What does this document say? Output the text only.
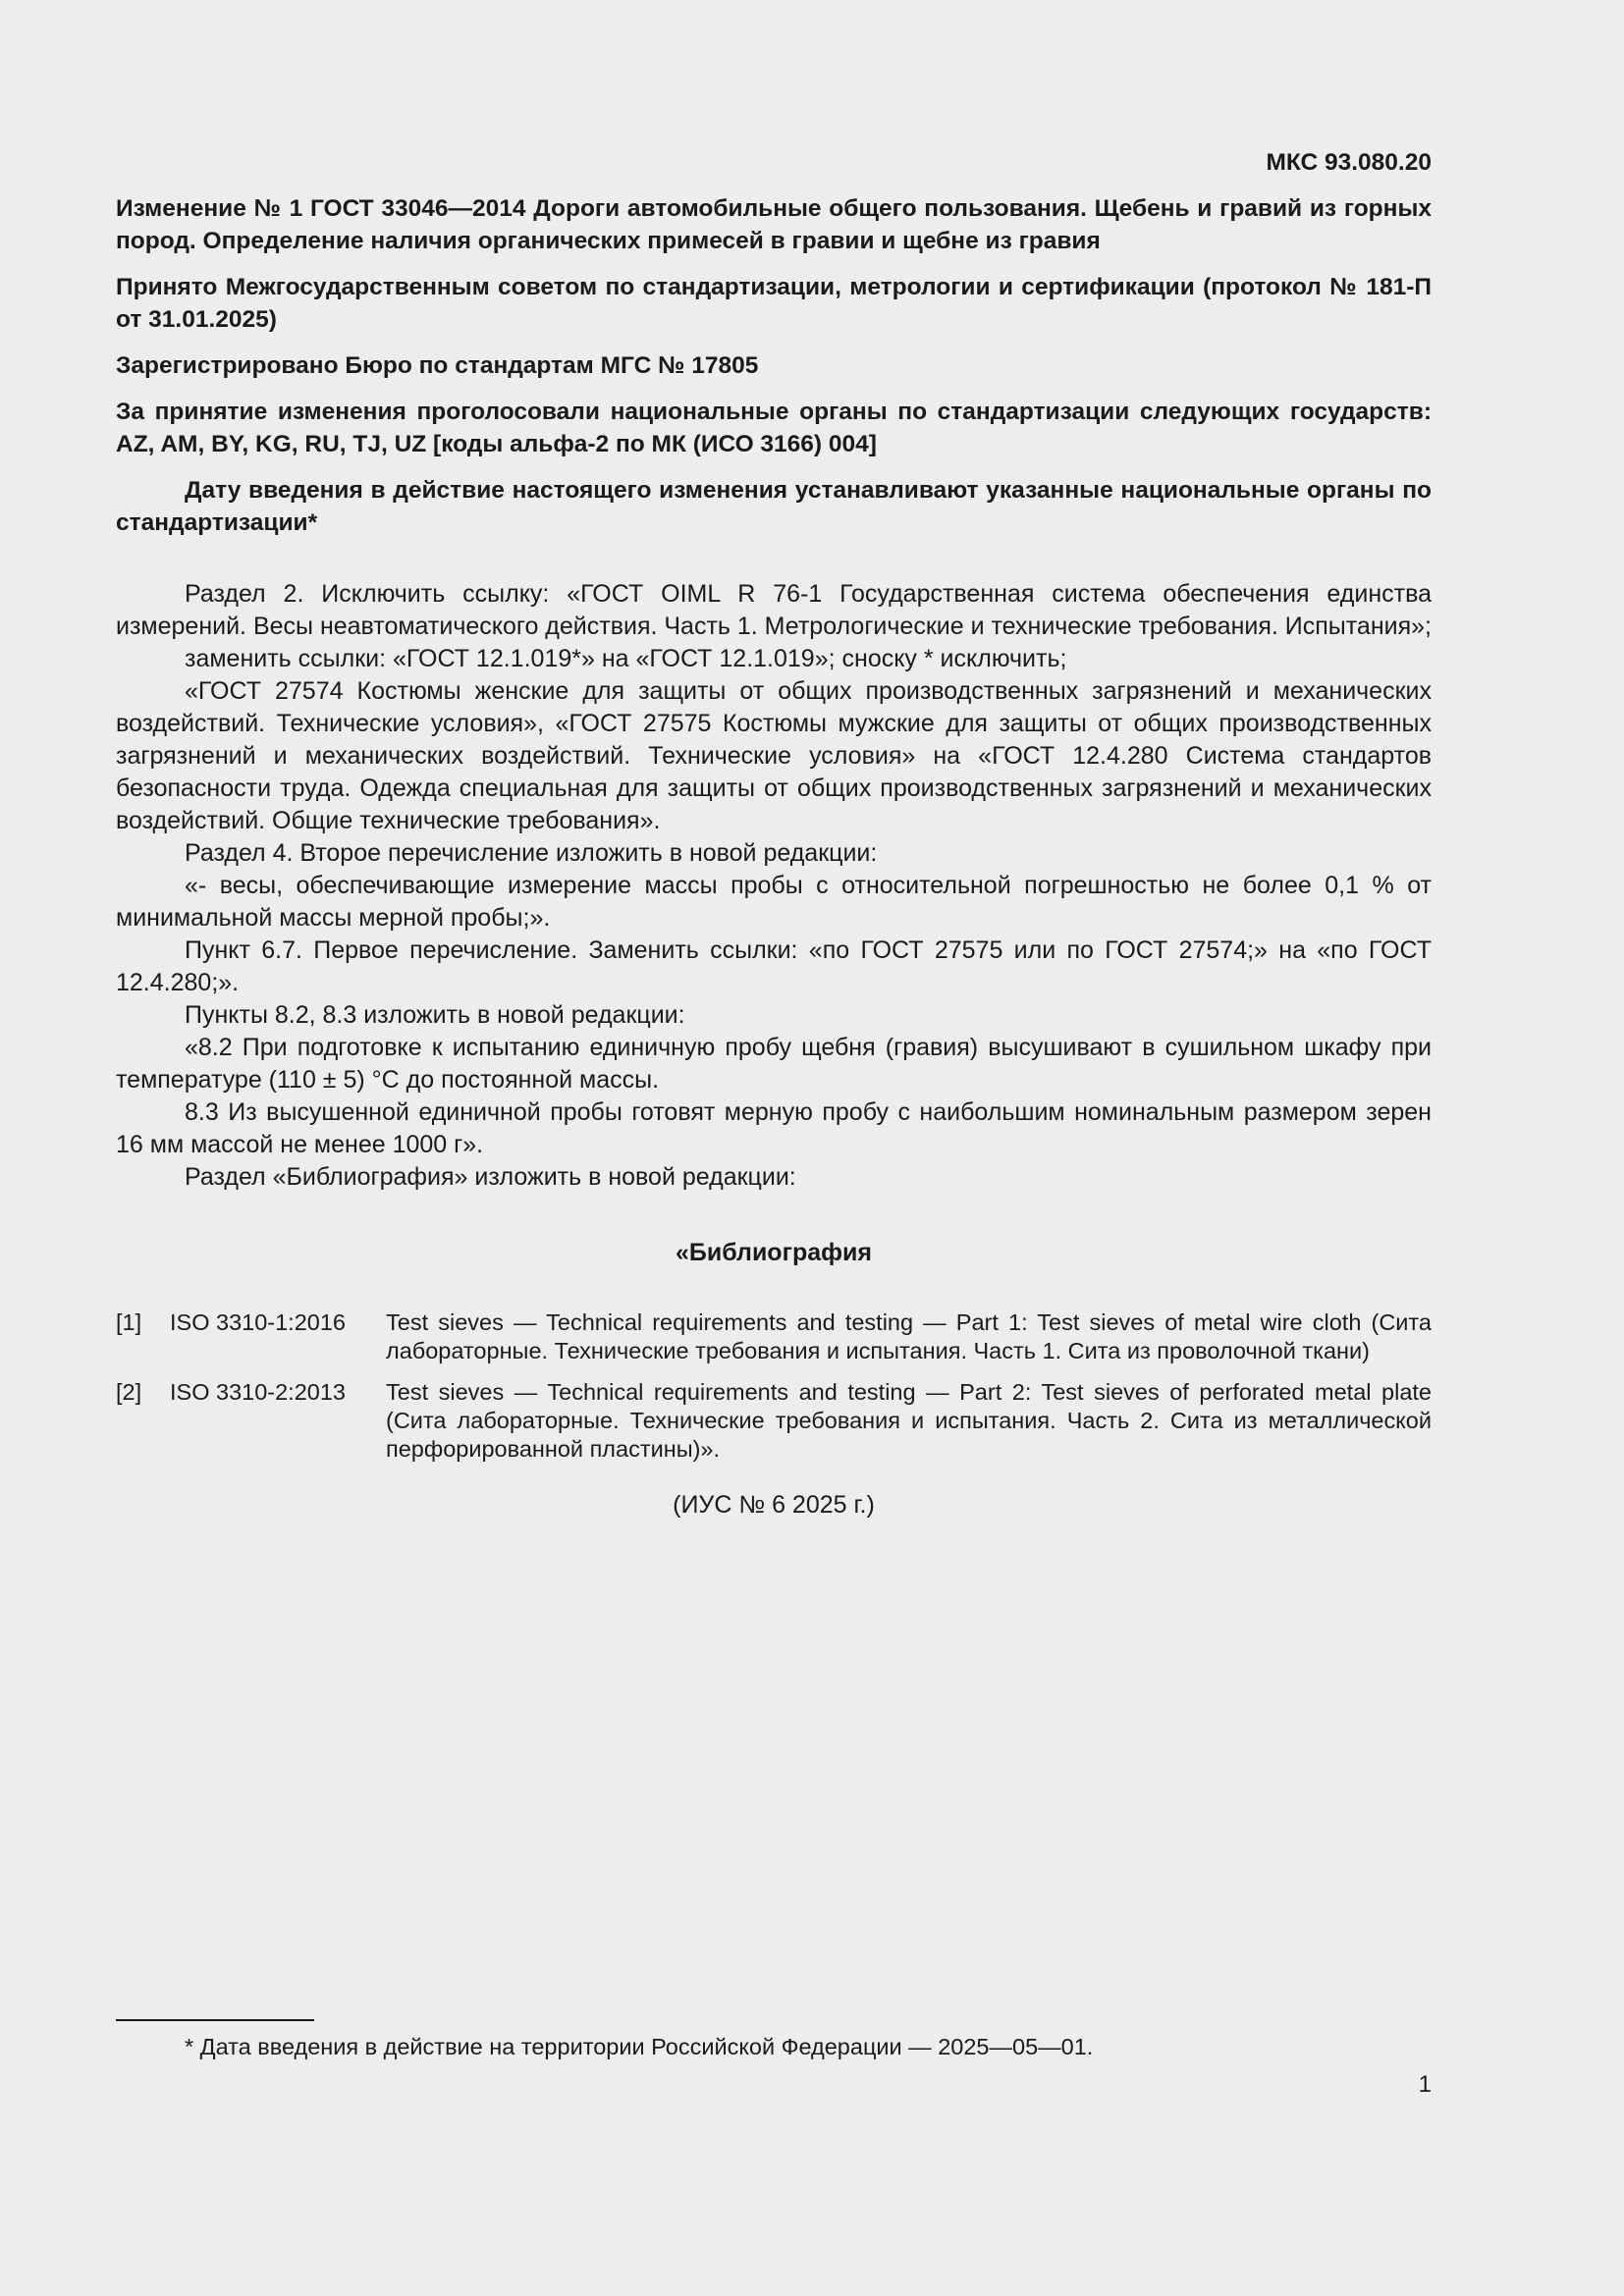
МКС 93.080.20

Изменение № 1 ГОСТ 33046—2014 Дороги автомобильные общего пользования. Щебень и гравий из горных пород. Определение наличия органических примесей в гравии и щебне из гравия

Принято Межгосударственным советом по стандартизации, метрологии и сертификации (протокол № 181-П от 31.01.2025)

Зарегистрировано Бюро по стандартам МГС № 17805

За принятие изменения проголосовали национальные органы по стандартизации следующих государств: AZ, AM, BY, KG, RU, TJ, UZ [коды альфа-2 по МК (ИСО 3166) 004]

Дату введения в действие настоящего изменения устанавливают указанные национальные органы по стандартизации*

Раздел 2. Исключить ссылку: «ГОСТ OIML R 76-1 Государственная система обеспечения единства измерений. Весы неавтоматического действия. Часть 1. Метрологические и технические требования. Испытания»;

заменить ссылки: «ГОСТ 12.1.019*» на «ГОСТ 12.1.019»; сноску * исключить;

«ГОСТ 27574 Костюмы женские для защиты от общих производственных загрязнений и механических воздействий. Технические условия», «ГОСТ 27575 Костюмы мужские для защиты от общих производственных загрязнений и механических воздействий. Технические условия» на «ГОСТ 12.4.280 Система стандартов безопасности труда. Одежда специальная для защиты от общих производственных загрязнений и механических воздействий. Общие технические требования».

Раздел 4. Второе перечисление изложить в новой редакции:

«- весы, обеспечивающие измерение массы пробы с относительной погрешностью не более 0,1 % от минимальной массы мерной пробы;».

Пункт 6.7. Первое перечисление. Заменить ссылки: «по ГОСТ 27575 или по ГОСТ 27574;» на «по ГОСТ 12.4.280;».

Пункты 8.2, 8.3 изложить в новой редакции:

«8.2 При подготовке к испытанию единичную пробу щебня (гравия) высушивают в сушильном шкафу при температуре (110 ± 5) °С до постоянной массы.

8.3 Из высушенной единичной пробы готовят мерную пробу с наибольшим номинальным размером зерен 16 мм массой не менее 1000 г».

Раздел «Библиография» изложить в новой редакции:

«Библиография
[1]	ISO 3310-1:2016	Test sieves — Technical requirements and testing — Part 1: Test sieves of metal wire cloth (Сита лабораторные. Технические требования и испытания. Часть 1. Сита из проволочной ткани)
[2]	ISO 3310-2:2013	Test sieves — Technical requirements and testing — Part 2: Test sieves of perforated metal plate (Сита лабораторные. Технические требования и испытания. Часть 2. Сита из металлической перфорированной пластины)».
(ИУС № 6 2025 г.)
* Дата введения в действие на территории Российской Федерации — 2025—05—01.
1
